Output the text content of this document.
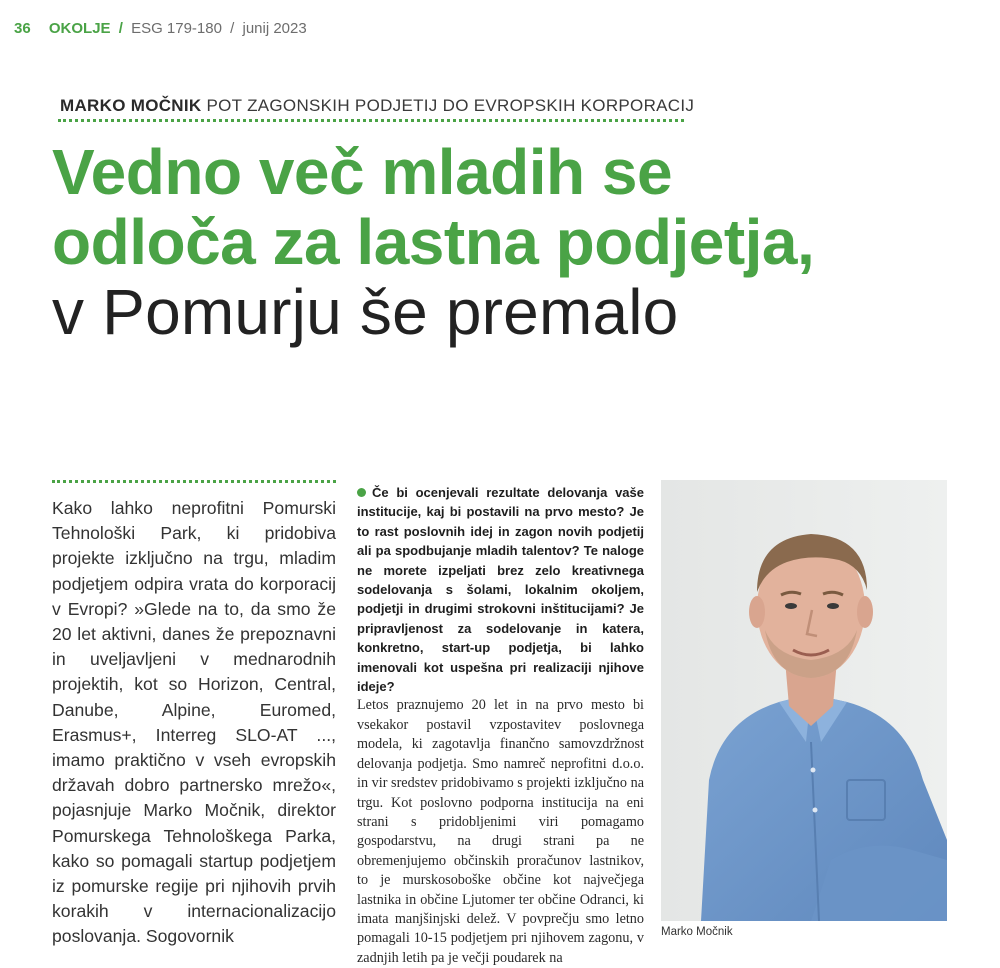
36 OKOLJE / ESG 179-180 / junij 2023
MARKO MOČNIK POT ZAGONSKIH PODJETIJ DO EVROPSKIH KORPORACIJ
Vedno več mladih se
odloča za lastna podjetja,
v Pomurju še premalo

Kako lahko neprofitni Pomurski Tehnološki Park, ki pridobiva projekte izključno na trgu, mladim podjetjem odpira vrata do korporacij v Evropi? »Glede na to, da smo že 20 let aktivni, danes že prepoznavni in uveljavljeni v mednarodnih projektih, kot so Horizon, Central, Danube, Alpine, Euromed, Erasmus+, Interreg SLO-AT ..., imamo praktično v vseh evropskih državah dobro partnersko mrežo«, pojasnjuje Marko Močnik, direktor Pomurskega Tehnološkega Parka, kako so pomagali startup podjetjem iz pomurske regije pri njihovih prvih korakih v internacionalizacijo poslovanja. Sogovornik

Če bi ocenjevali rezultate delovanja vaše institucije, kaj bi postavili na prvo mesto? Je to rast poslovnih idej in zagon novih podjetij ali pa spodbujanje mladih talentov? Te naloge ne morete izpeljati brez zelo kreativnega sodelovanja s šolami, lokalnim okoljem, podjetji in drugimi strokovni inštitucijami? Je pripravljenost za sodelovanje in katera, konkretno, start-up podjetja, bi lahko imenovali kot uspešna pri realizaciji njihove ideje?

Letos praznujemo 20 let in na prvo mesto bi vsekakor postavil vzpostavitev poslovnega modela, ki zagotavlja finančno samovzdržnost delovanja podjetja. Smo namreč neprofitni d.o.o. in vir sredstev pridobivamo s projekti izključno na trgu. Kot poslovno podporna institucija na eni strani s pridobljenimi viri pomagamo gospodarstvu, na drugi strani pa ne obremenjujemo občinskih proračunov lastnikov, to je murskosoboške občine kot največjega lastnika in občine Ljutomer ter občine Odranci, ki imata manjšinjski delež. V povprečju smo letno pomagali 10-15 podjetjem pri njihovem zagonu, v zadnjih letih pa je večji poudarek na

Marko Močnik
